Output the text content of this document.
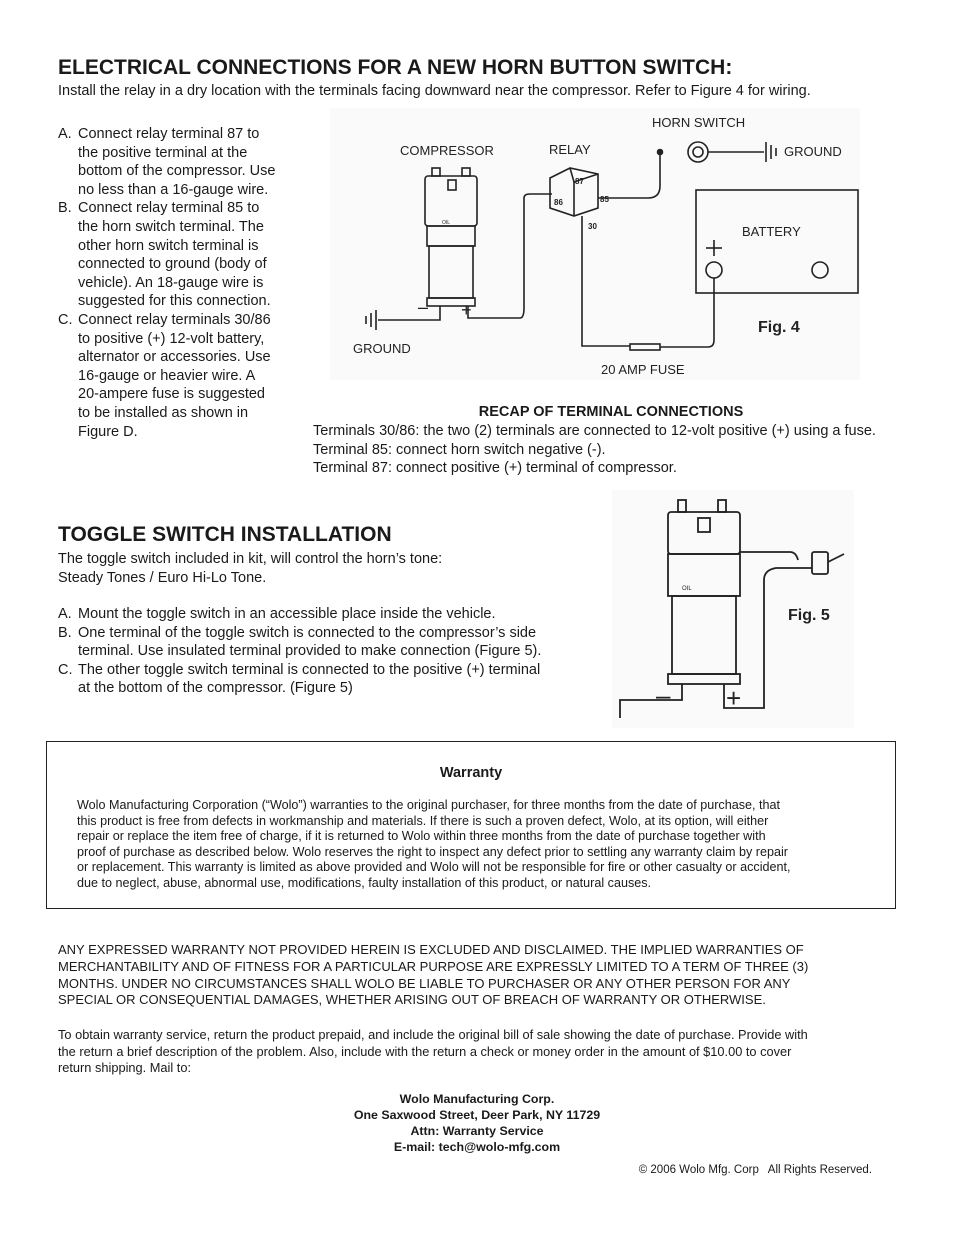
ELECTRICAL CONNECTIONS FOR A NEW HORN BUTTON SWITCH:
Install the relay in a dry location with the terminals facing downward near the compressor. Refer to Figure 4 for wiring.
A. Connect relay terminal 87 to
the positive terminal at the
bottom of the compressor. Use
no less than a 16-gauge wire.
B. Connect relay terminal 85 to
the horn switch terminal. The
other horn switch terminal is
connected to ground (body of
vehicle). An 18-gauge wire is
suggested for this connection.
C. Connect relay terminals 30/86
to positive (+) 12-volt battery,
alternator or accessories. Use
16-gauge or heavier wire. A
20-ampere fuse is suggested
to be installed as shown in
Figure D.
– +
OIL
87
86	85
30
HORN SWITCH
COMPRESSOR	RELAY	GROUND
BATTERY
Fig. 4
GROUND
20 AMP FUSE
RECAP OF TERMINAL CONNECTIONS
Terminals 30/86: the two (2) terminals are connected to 12-volt positive (+) using a fuse.
Terminal 85: connect horn switch negative (-).
Terminal 87: connect positive (+) terminal of compressor.
TOGGLE SWITCH INSTALLATION
The toggle switch included in kit, will control the horn’s tone:
Steady Tones / Euro Hi-Lo Tone.
A. Mount the toggle switch in an accessible place inside the vehicle.
B. One terminal of the toggle switch is connected to the compressor’s side
terminal. Use insulated terminal provided to make connection (Figure 5).
C. The other toggle switch terminal is connected to the positive (+) terminal
at the bottom of the compressor. (Figure 5)
OIL
– +
Fig. 5
Warranty
Wolo Manufacturing Corporation (“Wolo”) warranties to the original purchaser, for three months from the date of purchase, that
this product is free from defects in workmanship and materials. If there is such a proven defect, Wolo, at its option, will either
repair or replace the item free of charge, if it is returned to Wolo within three months from the date of purchase together with
proof of purchase as described below. Wolo reserves the right to inspect any defect prior to settling any warranty claim by repair
or replacement. This warranty is limited as above provided and Wolo will not be responsible for fire or other casualty or accident,
due to neglect, abuse, abnormal use, modifications, faulty installation of this product, or natural causes.
ANY EXPRESSED WARRANTY NOT PROVIDED HEREIN IS EXCLUDED AND DISCLAIMED. THE IMPLIED WARRANTIES OF
MERCHANTABILITY AND OF FITNESS FOR A PARTICULAR PURPOSE ARE EXPRESSLY LIMITED TO A TERM OF THREE (3)
MONTHS. UNDER NO CIRCUMSTANCES SHALL WOLO BE LIABLE TO PURCHASER OR ANY OTHER PERSON FOR ANY
SPECIAL OR CONSEQUENTIAL DAMAGES, WHETHER ARISING OUT OF BREACH OF WARRANTY OR OTHERWISE.
To obtain warranty service, return the product prepaid, and include the original bill of sale showing the date of purchase. Provide with
the return a brief description of the problem. Also, include with the return a check or money order in the amount of $10.00 to cover
return shipping. Mail to:
Wolo Manufacturing Corp.
One Saxwood Street, Deer Park, NY 11729
Attn: Warranty Service
E-mail: tech@wolo-mfg.com
© 2006 Wolo Mfg. Corp   All Rights Reserved.
